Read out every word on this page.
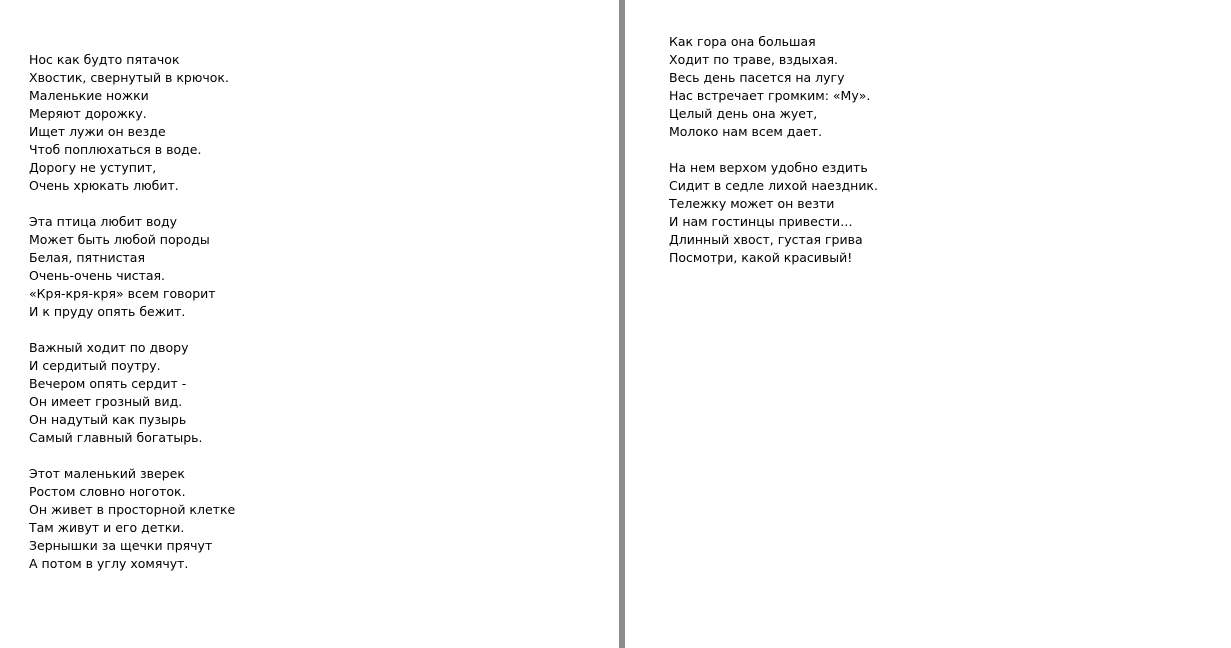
Нос как будто пятачок
Хвостик, свернутый в крючок.
Маленькие ножки
Меряют дорожку.
Ищет лужи он везде
Чтоб поплюхаться в воде.
Дорогу не уступит,
Очень хрюкать любит.
Эта птица любит воду
Может быть любой породы
Белая, пятнистая
Очень-очень чистая.
«Кря-кря-кря» всем говорит
И к пруду опять бежит.
Важный ходит по двору
И сердитый поутру.
Вечером опять сердит -
Он имеет грозный вид.
Он надутый как пузырь
Самый главный богатырь.
Этот маленький зверек
Ростом словно ноготок.
Он живет в просторной клетке
Там живут и его детки.
Зернышки за щечки прячут
А потом в углу хомячут.
Как гора она большая
Ходит по траве, вздыхая.
Весь день пасется на лугу
Нас встречает громким: «Му».
Целый день она жует,
Молоко нам всем дает.
На нем верхом удобно ездить
Сидит в седле лихой наездник.
Тележку может он везти
И нам гостинцы привести…
Длинный хвост, густая грива
Посмотри, какой красивый!
